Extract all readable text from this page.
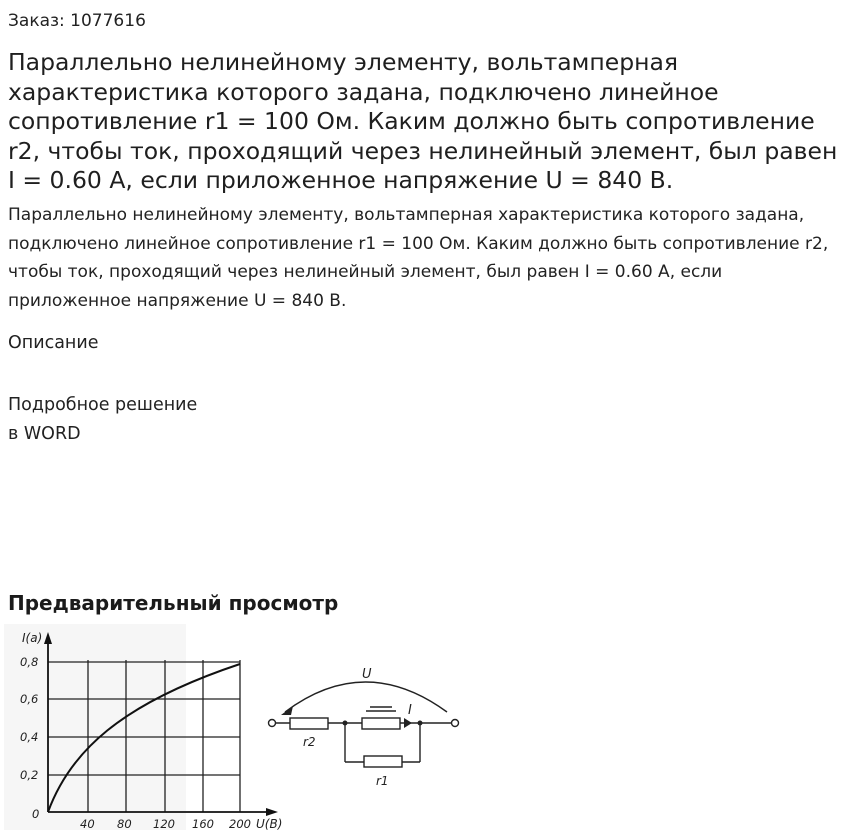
Заказ: 1077616
Параллельно нелинейному элементу, вольтамперная характеристика которого задана, подключено линейное сопротивление r1 = 100 Ом. Каким должно быть сопротивление r2, чтобы ток, проходящий через нелинейный элемент, был равен I = 0.60 А, если приложенное напряжение U = 840 В.

Параллельно нелинейному элементу, вольтамперная характеристика которого задана, подключено линейное сопротивление r1 = 100 Ом. Каким должно быть сопротивление r2, чтобы ток, проходящий через нелинейный элемент, был равен I = 0.60 А, если приложенное напряжение U = 840 В.

Описание
Подробное решение
в WORD
Предварительный просмотр
I(a)
U(B)
0,8
0,6
0,4
0,2
0
40 80 120 160 200
U
I
r2
r1
